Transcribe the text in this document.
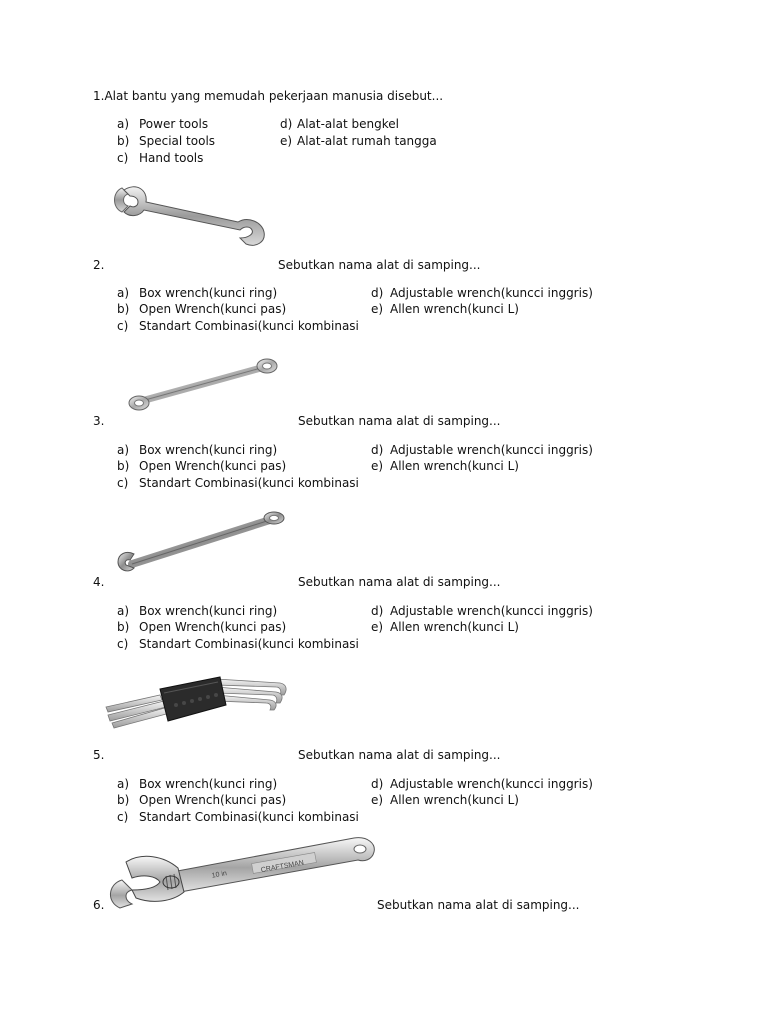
1.Alat bantu yang memudah pekerjaan manusia disebut...
a) Power tools
b) Special tools
c) Hand tools
d) Alat-alat bengkel
e) Alat-alat rumah tangga
2.	Sebutkan nama alat di samping...
a) Box wrench(kunci ring)
b) Open Wrench(kunci pas)
c) Standart Combinasi(kunci kombinasi
d) Adjustable wrench(kuncci inggris)
e) Allen wrench(kunci L)
3.	Sebutkan nama alat di samping...
a) Box wrench(kunci ring)
b) Open Wrench(kunci pas)
c) Standart Combinasi(kunci kombinasi
d) Adjustable wrench(kuncci inggris)
e) Allen wrench(kunci L)
4.	Sebutkan nama alat di samping...
a) Box wrench(kunci ring)
b) Open Wrench(kunci pas)
c) Standart Combinasi(kunci kombinasi
d) Adjustable wrench(kuncci inggris)
e) Allen wrench(kunci L)
5.	Sebutkan nama alat di samping...
a) Box wrench(kunci ring)
b) Open Wrench(kunci pas)
c) Standart Combinasi(kunci kombinasi
d) Adjustable wrench(kuncci inggris)
e) Allen wrench(kunci L)
CRAFTSMAN
10 in
6.	Sebutkan nama alat di samping...
